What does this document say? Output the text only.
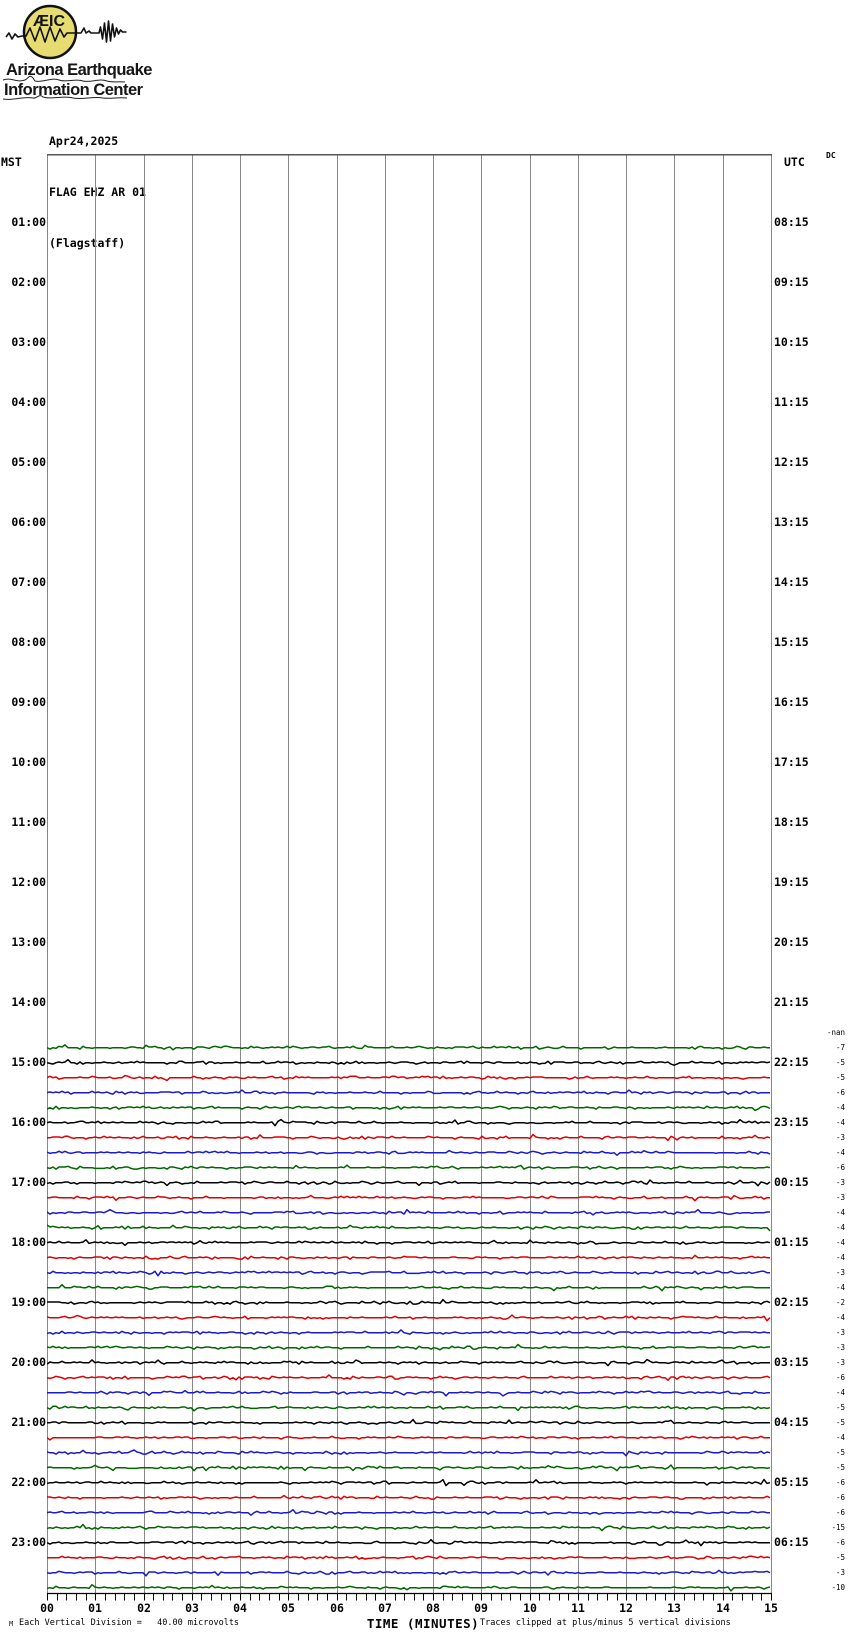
ÆIC
Arizona Earthquake
Information Center

Apr24,2025

FLAG EHZ AR 01

(Flagstaff)

MST	UTC	DC
TIME (MINUTES)
M Each Vertical Division =   40.00 microvolts	Traces clipped at plus/minus 5 vertical divisions
-nan
-7
-5
-5
-6
-4
-4
-3
-4
-6
-3
-3
-4
-4
-4
-4
-3
-4
-2
-4
-3
-3
-3
-6
-4
-5
-5
-4
-5
-5
-6
-6
-6
-15
-6
-5
-3
-10
01:00
02:00
03:00
04:00
05:00
06:00
07:00
08:00
09:00
10:00
11:00
12:00
13:00
14:00
15:00
16:00
17:00
18:00
19:00
20:00
21:00
22:00
23:00
08:15
09:15
10:15
11:15
12:15
13:15
14:15
15:15
16:15
17:15
18:15
19:15
20:15
21:15
22:15
23:15
00:15
01:15
02:15
03:15
04:15
05:15
06:15
00	01	02	03	04	05	06	07	08	09	10	11	12	13	14	15
